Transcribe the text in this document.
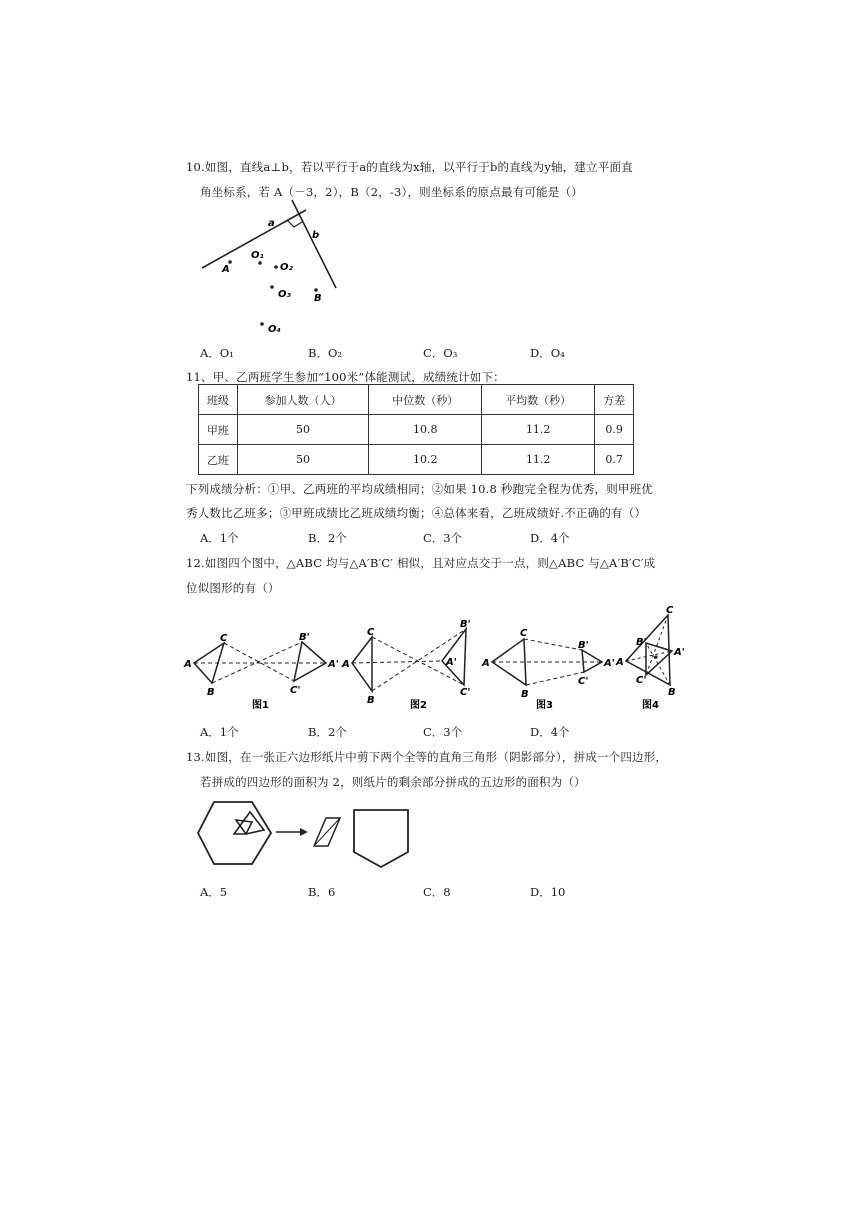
10.如图，直线a⊥b，若以平行于a的直线为x轴，以平行于b的直线为y轴，建立平面直
角坐标系，若 A（－3，2），B（2，-3），则坐标系的原点最有可能是（）
a
b
A
O₁
O₂
O₃ B
O₄
A．O₁	B．O₂	C．O₃	D．O₄
11、甲、乙两班学生参加“100米”体能测试，成绩统计如下：
班级	参加人数（人）	中位数（秒）	平均数（秒）	方差
甲班	50	10.8	11.2	0.9
乙班	50	10.2	11.2	0.7
下列成绩分析：①甲、乙两班的平均成绩相同；②如果 10.8 秒跑完全程为优秀，则甲班优
秀人数比乙班多；③甲班成绩比乙班成绩均衡；④总体来看，乙班成绩好.不正确的有（）
A．1个	B．2个	C．3个	D．4个
12.如图四个图中，△ABC 均与△A′B′C′ 相似，且对应点交于一点，则△ABC 与△A′B′C′成
位似图形的有（）
A
C
B
B'
A'
C'
图1
A
C
B
B'
A'
C'
图2
A
C
B
B'
A'
C'
图3
C
B'
A
A'
C'
B
图4
A．1个	B．2个	C．3个	D．4个
13.如图，在一张正六边形纸片中剪下两个全等的直角三角形（阴影部分），拼成一个四边形，
若拼成的四边形的面积为 2，则纸片的剩余部分拼成的五边形的面积为（）
A．5	B．6	C．8	D．10
